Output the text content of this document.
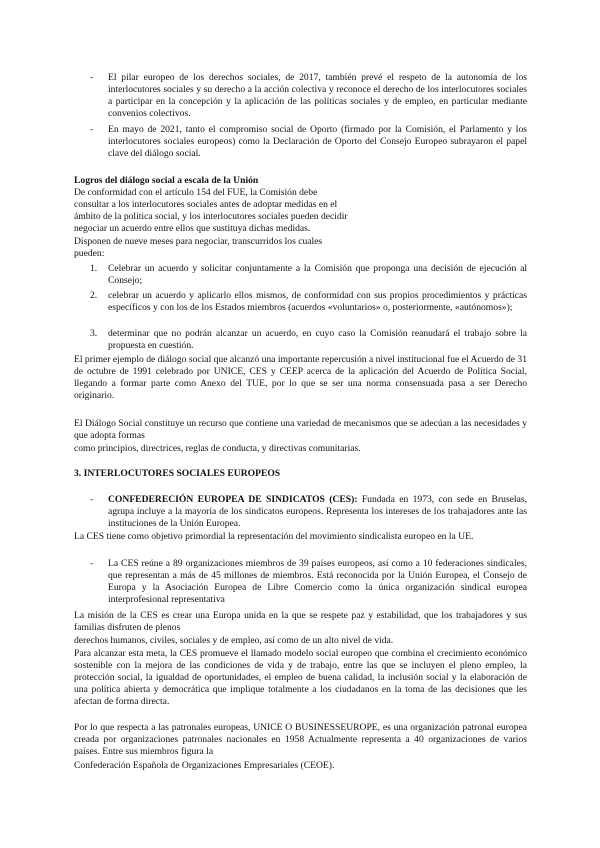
- El pilar europeo de los derechos sociales, de 2017, también prevé el respeto de la autonomía de los interlocutores sociales y su derecho a la acción colectiva y reconoce el derecho de los interlocutores sociales a participar en la concepción y la aplicación de las políticas sociales y de empleo, en particular mediante convenios colectivos.

- En mayo de 2021, tanto el compromiso social de Oporto (firmado por la Comisión, el Parlamento y los interlocutores sociales europeos) como la Declaración de Oporto del Consejo Europeo subrayaron el papel clave del diálogo social.

Logros del diálogo social a escala de la Unión

De conformidad con el artículo 154 del FUE, la Comisión debe

consultar a los interlocutores sociales antes de adoptar medidas en el

ámbito de la política social, y los interlocutores sociales pueden decidir

negociar un acuerdo entre ellos que sustituya dichas medidas.

Disponen de nueve meses para negociar, transcurridos los cuales

pueden:

1. Celebrar un acuerdo y solicitar conjuntamente a la Comisión que proponga una decisión de ejecución al Consejo;

2. celebrar un acuerdo y aplicarlo ellos mismos, de conformidad con sus propios procedimientos y prácticas específicos y con los de los Estados miembros (acuerdos «voluntarios» o, posteriormente, «autónomos»);

3. determinar que no podrán alcanzar un acuerdo, en cuyo caso la Comisión reanudará el trabajo sobre la propuesta en cuestión.

El primer ejemplo de diálogo social que alcanzó una importante repercusión a nivel institucional fue el Acuerdo de 31 de octubre de 1991 celebrado por UNICE, CES y CEEP acerca de la aplicación del Acuerdo de Política Social, llegando a formar parte como Anexo del TUE, por lo que se ser una norma consensuada pasa a ser Derecho originario.

El Diálogo Social constituye un recurso que contiene una variedad de mecanismos que se adecúan a las necesidades y que adopta formas

como principios, directrices, reglas de conducta, y directivas comunitarias.

3. INTERLOCUTORES SOCIALES EUROPEOS

- CONFEDERECIÓN EUROPEA DE SINDICATOS (CES): Fundada en 1973, con sede en Bruselas, agrupa incluye a la mayoría de los sindicatos europeos. Representa los intereses de los trabajadores ante las instituciones de la Unión Europea.

La CES tiene como objetivo primordial la representación del movimiento sindicalista europeo en la UE.

- La CES reúne a 89 organizaciones miembros de 39 países europeos, así como a 10 federaciones sindicales, que representan a más de 45 millones de miembros. Está reconocida por la Unión Europea, el Consejo de Europa y la Asociación Europea de Libre Comercio como la única organización sindical europea interprofesional representativa

La misión de la CES es crear una Europa unida en la que se respete paz y estabilidad, que los trabajadores y sus familias disfruten de plenos

derechos humanos, civiles, sociales y de empleo, así como de un alto nivel de vida.

Para alcanzar esta meta, la CES promueve el llamado modelo social europeo que combina el crecimiento económico sostenible con la mejora de las condiciones de vida y de trabajo, entre las que se incluyen el pleno empleo, la protección social, la igualdad de oportunidades, el empleo de buena calidad, la inclusión social y la elaboración de una política abierta y democrática que implique totalmente a los ciudadanos en la toma de las decisiones que les afectan de forma directa.

Por lo que respecta a las patronales europeas, UNICE O BUSINESSEUROPE, es una organización patronal europea creada por organizaciones patronales nacionales en 1958 Actualmente representa a 40 organizaciones de varios países. Entre sus miembros figura la

Confederación Española de Organizaciones Empresariales (CEOE).
